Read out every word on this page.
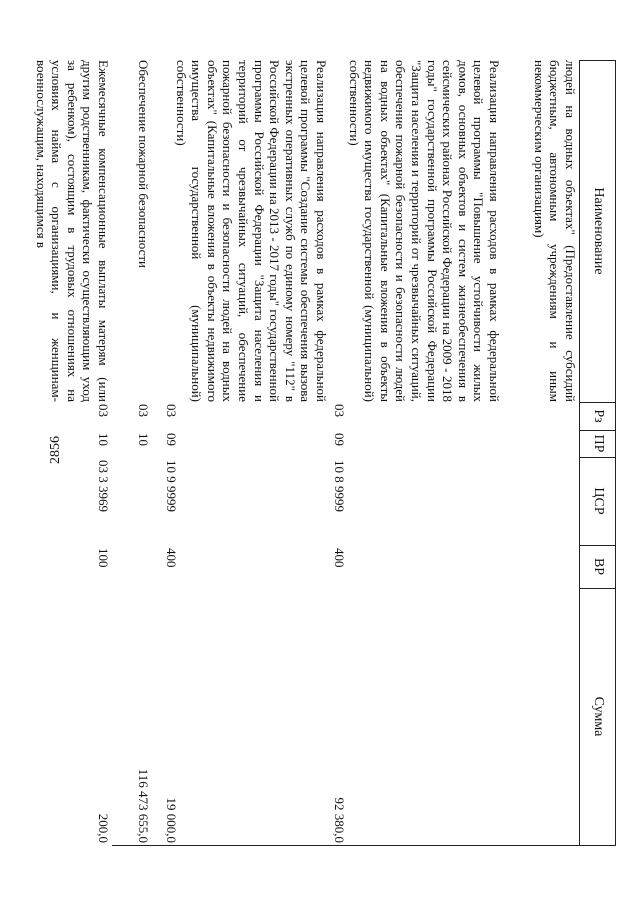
2856
Наименование
Рз
ПР
ЦСР
ВР
Сумма
людей на водных объектах" (Предоставление субсидий бюджетным, автономным учреждениям и иным некоммерческим организациям)
Реализация направления расходов в рамках федеральной целевой программы "Повышение устойчивости жилых домов, основных объектов и систем жизнеобеспечения в сейсмических районах Российской Федерации на 2009 - 2018 годы" государственной программы Российской Федерации "Защита населения и территорий от чрезвычайных ситуаций, обеспечение пожарной безопасности и безопасности людей на водных объектах" (Капитальные вложения в объекты недвижимого имущества государственной (муниципальной) собственности)
03
09
10 8 9999
400
92 380,0
Реализация направления расходов в рамках федеральной целевой программы "Создание системы обеспечения вызова экстренных оперативных служб по единому номеру "112" в Российской Федерации на 2013 - 2017 годы" государственной программы Российской Федерации "Защита населения и территорий от чрезвычайных ситуаций, обеспечение пожарной безопасности и безопасности людей на водных объектах" (Капитальные вложения в объекты недвижимого имущества государственной (муниципальной) собственности)
03
09
10 9 9999
400
19 000,0
Обеспечение пожарной безопасности
03
10
116 473 655,0
Ежемесячные компенсационные выплаты матерям (или другим родственникам, фактически осуществляющим уход за ребенком), состоящим в трудовых отношениях на условиях найма с организациями, и женщинам-военнослужащим, находящимся в
03
10
03 3 3969
100
200,0
